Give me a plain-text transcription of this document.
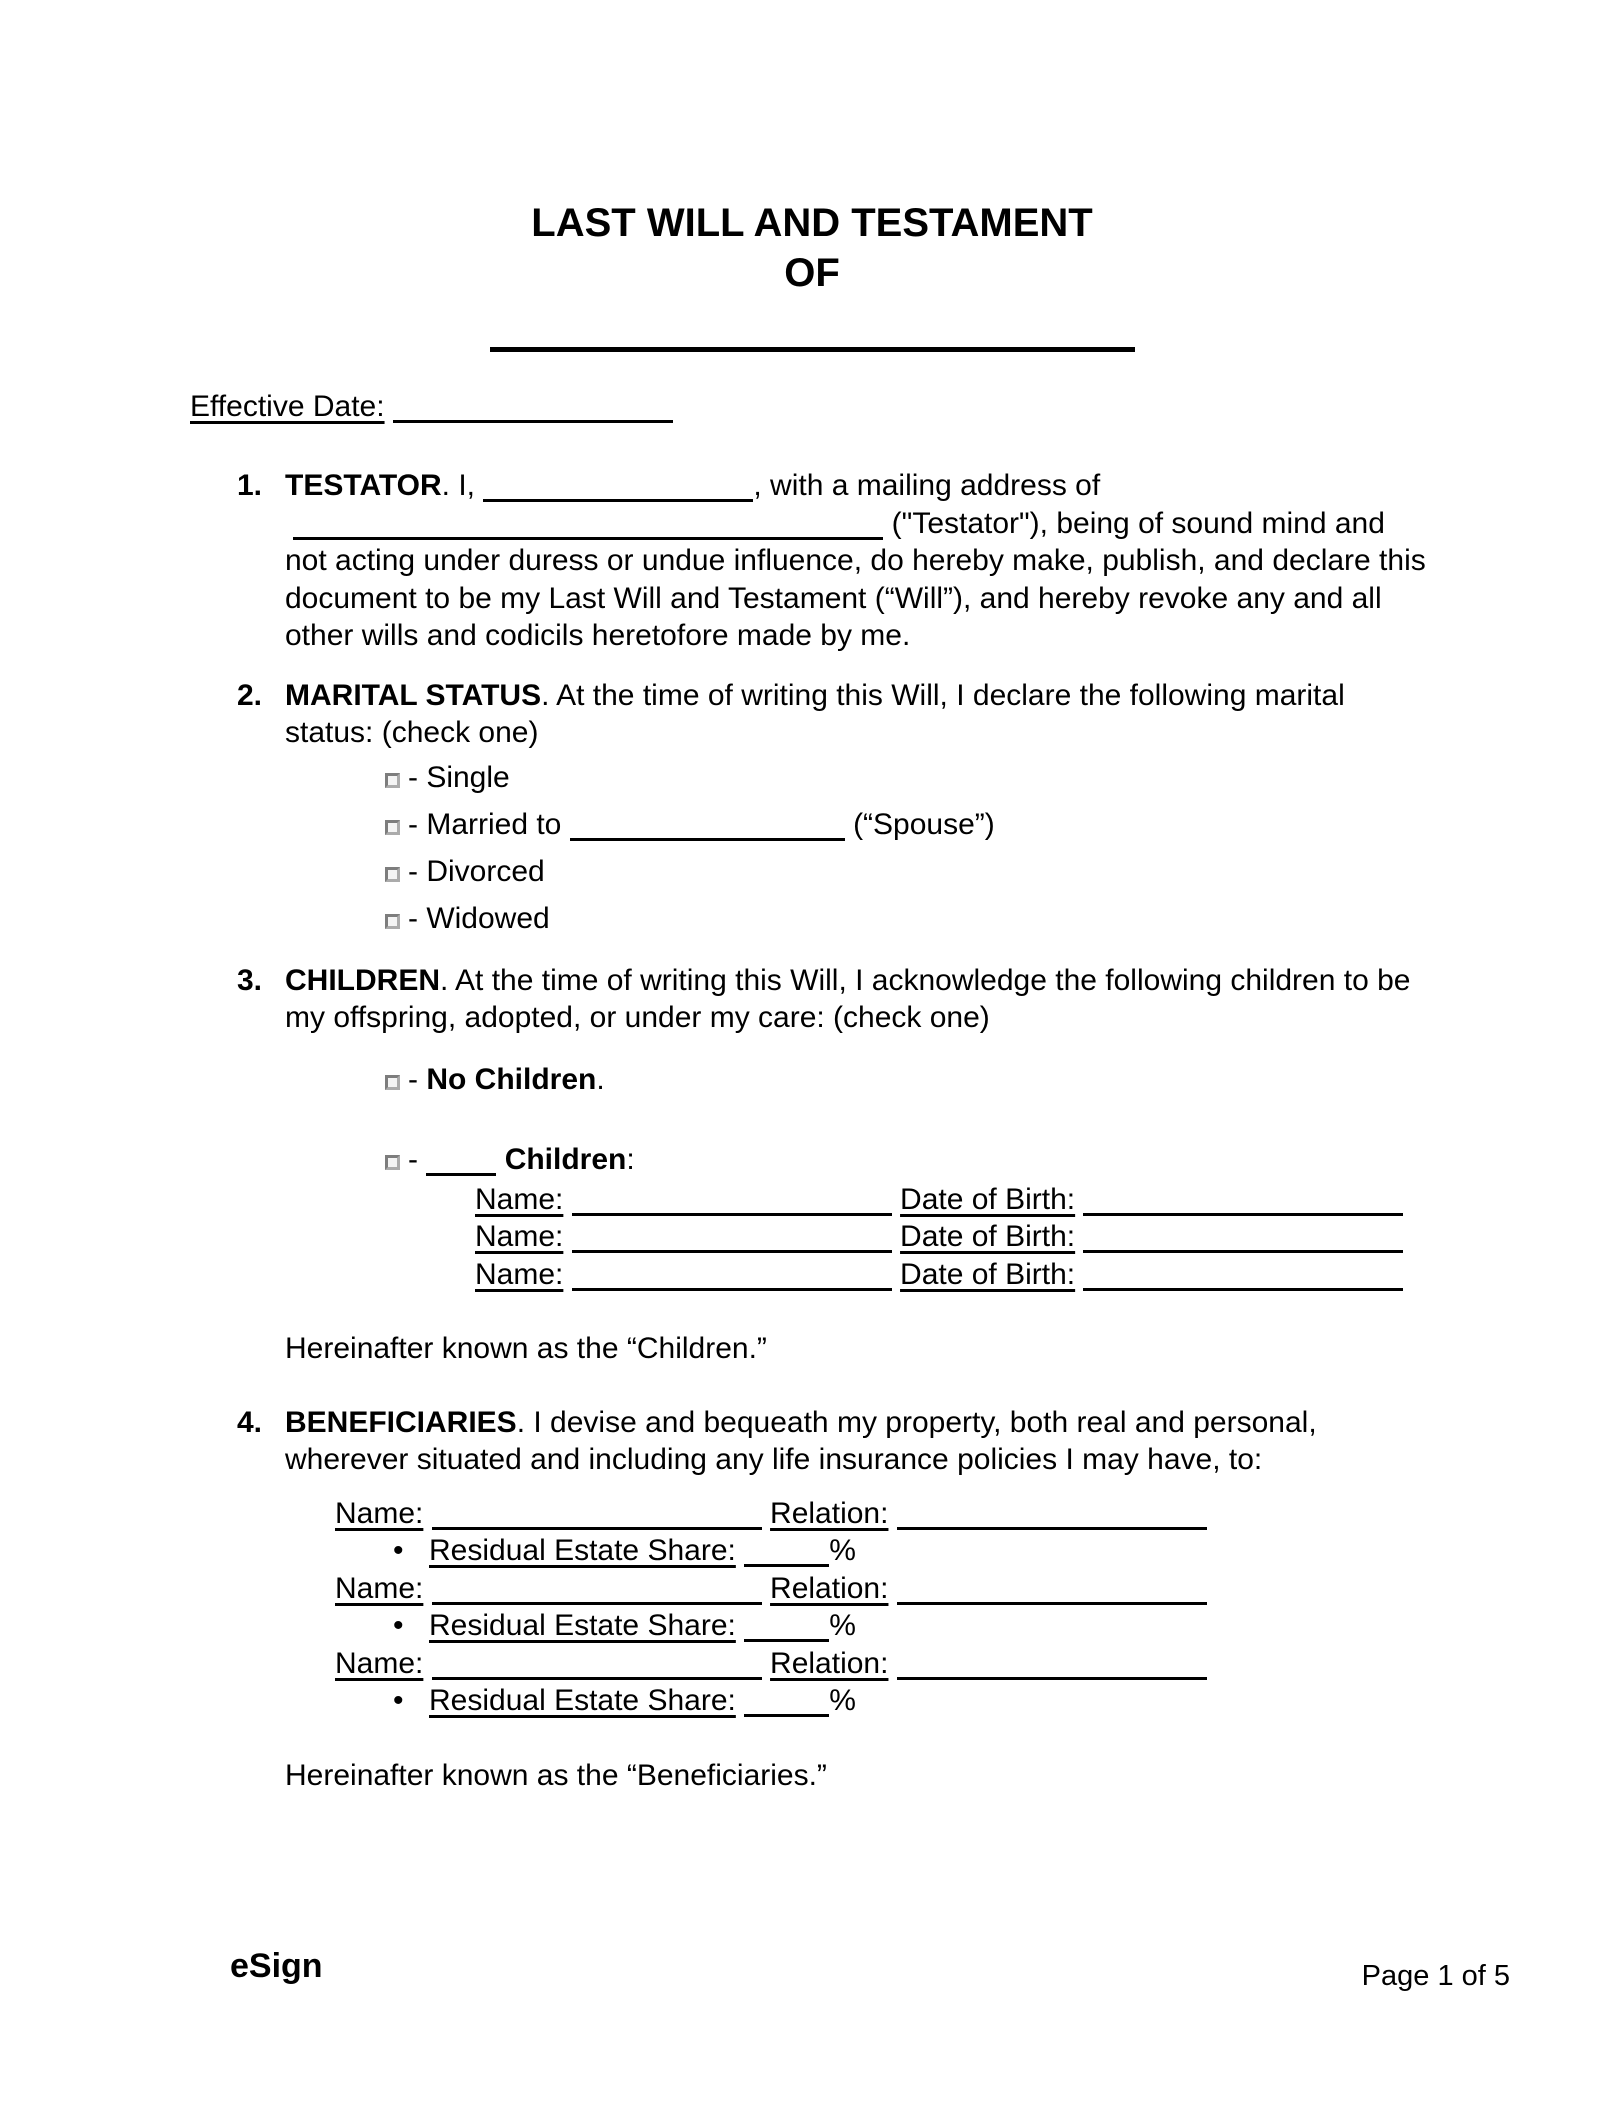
LAST WILL AND TESTAMENT
OF
Effective Date:
1. TESTATOR. I,	, with a mailing address of  ("Testator"), being of sound mind and not acting under duress or undue influence, do hereby make, publish, and declare this document to be my Last Will and Testament (“Will”), and hereby revoke any and all other wills and codicils heretofore made by me.
2. MARITAL STATUS. At the time of writing this Will, I declare the following marital status: (check one)
- Single
- Married to	(“Spouse”)
- Divorced
- Widowed
3. CHILDREN. At the time of writing this Will, I acknowledge the following children to be my offspring, adopted, or under my care: (check one)
- No Children.
-	Children:
Name:	Date of Birth:
Name:	Date of Birth:
Name:	Date of Birth:
Hereinafter known as the “Children.”
4. BENEFICIARIES. I devise and bequeath my property, both real and personal, wherever situated and including any life insurance policies I may have, to:
Name:	Relation:
• Residual Estate Share:	%
Name:	Relation:
• Residual Estate Share:	%
Name:	Relation:
• Residual Estate Share:	%
Hereinafter known as the “Beneficiaries.”
eSign	Page 1 of 5
